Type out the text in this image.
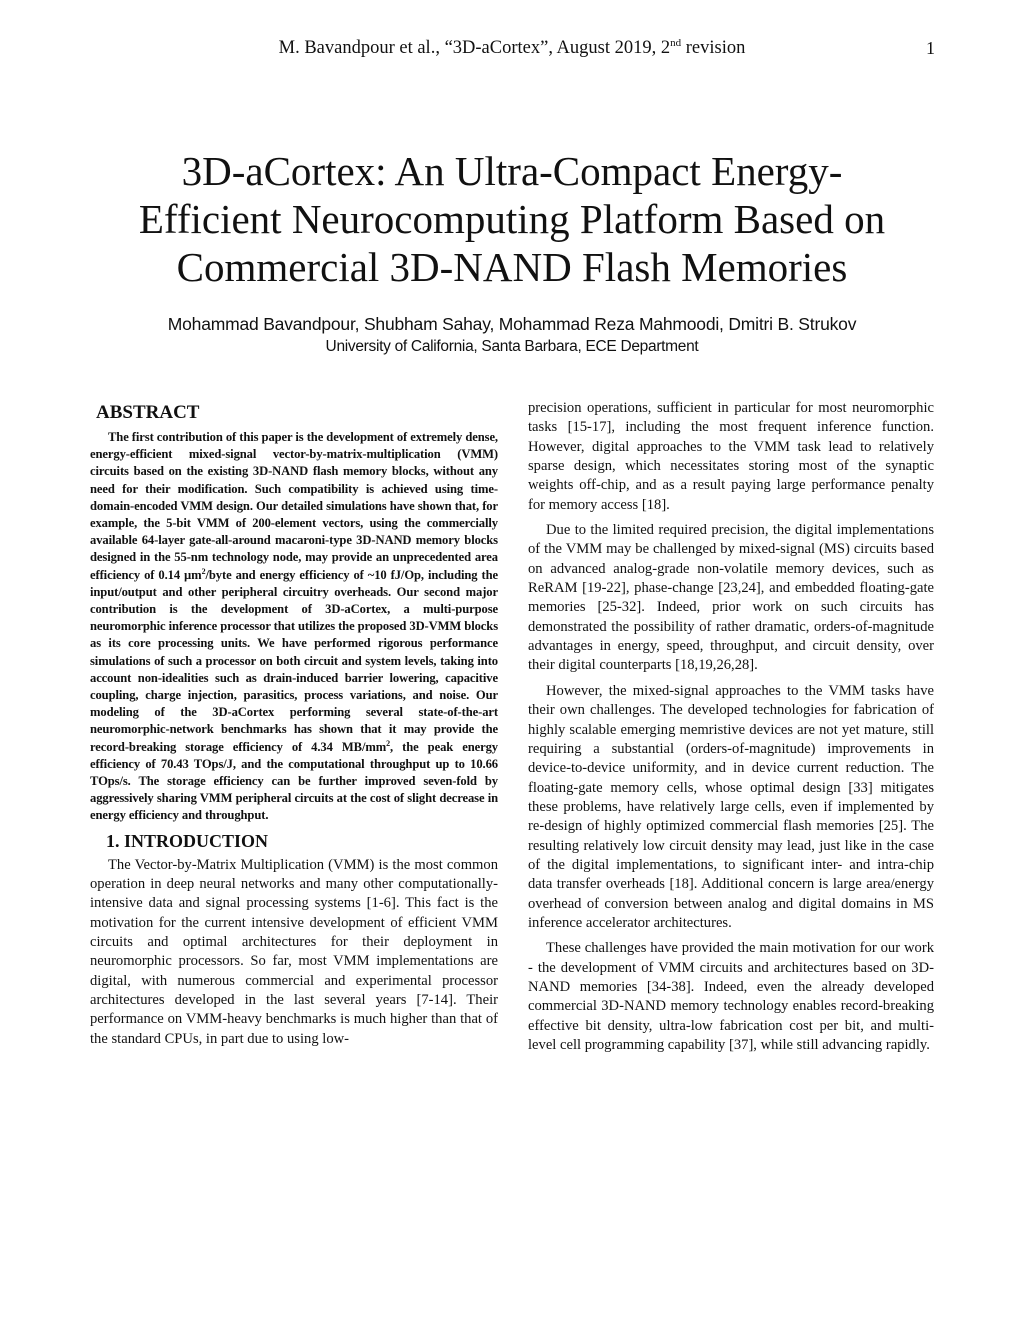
M. Bavandpour et al., “3D-aCortex”, August 2019, 2nd revision	1
3D-aCortex: An Ultra-Compact Energy-
Efficient Neurocomputing Platform Based on
Commercial 3D-NAND Flash Memories
Mohammad Bavandpour, Shubham Sahay, Mohammad Reza Mahmoodi, Dmitri B. Strukov
University of California, Santa Barbara, ECE Department
ABSTRACT

The first contribution of this paper is the development of extremely dense, energy-efficient mixed-signal vector-by-matrix-multiplication (VMM) circuits based on the existing 3D-NAND flash memory blocks, without any need for their modification. Such compatibility is achieved using time-domain-encoded VMM design. Our detailed simulations have shown that, for example, the 5-bit VMM of 200-element vectors, using the commercially available 64-layer gate-all-around macaroni-type 3D-NAND memory blocks designed in the 55-nm technology node, may provide an unprecedented area efficiency of 0.14 µm$^2$/byte and energy efficiency of ~10 fJ/Op, including the input/output and other peripheral circuitry overheads. Our second major contribution is the development of 3D-aCortex, a multi-purpose neuromorphic inference processor that utilizes the proposed 3D-VMM blocks as its core processing units. We have performed rigorous performance simulations of such a processor on both circuit and system levels, taking into account non-idealities such as drain-induced barrier lowering, capacitive coupling, charge injection, parasitics, process variations, and noise. Our modeling of the 3D-aCortex performing several state-of-the-art neuromorphic-network benchmarks has shown that it may provide the record-breaking storage efficiency of 4.34 $MB/mm^2$, the peak energy efficiency of 70.43 TOps/J, and the computational throughput up to 10.66 TOps/s. The storage efficiency can be further improved seven-fold by aggressively sharing VMM peripheral circuits at the cost of slight decrease in energy efficiency and throughput.

1. INTRODUCTION

The Vector-by-Matrix Multiplication (VMM) is the most common operation in deep neural networks and many other computationally-intensive data and signal processing systems [1-6]. This fact is the motivation for the current intensive development of efficient VMM circuits and optimal architectures for their deployment in neuromorphic processors. So far, most VMM implementations are digital, with numerous commercial and experimental processor architectures developed in the last several years [7-14]. Their performance on VMM-heavy benchmarks is much higher than that of the standard CPUs, in part due to using low-

precision operations, sufficient in particular for most neuromorphic tasks [15-17], including the most frequent inference function. However, digital approaches to the VMM task lead to relatively sparse design, which necessitates storing most of the synaptic weights off-chip, and as a result paying large performance penalty for memory access [18].

Due to the limited required precision, the digital implementations of the VMM may be challenged by mixed-signal (MS) circuits based on advanced analog-grade non-volatile memory devices, such as ReRAM [19-22], phase-change [23,24], and embedded floating-gate memories [25-32]. Indeed, prior work on such circuits has demonstrated the possibility of rather dramatic, orders-of-magnitude advantages in energy, speed, throughput, and circuit density, over their digital counterparts [18,19,26,28].

However, the mixed-signal approaches to the VMM tasks have their own challenges. The developed technologies for fabrication of highly scalable emerging memristive devices are not yet mature, still requiring a substantial (orders-of-magnitude) improvements in device-to-device uniformity, and in device current reduction. The floating-gate memory cells, whose optimal design [33] mitigates these problems, have relatively large cells, even if implemented by re-design of highly optimized commercial flash memories [25]. The resulting relatively low circuit density may lead, just like in the case of the digital implementations, to significant inter- and intra-chip data transfer overheads [18]. Additional concern is large area/energy overhead of conversion between analog and digital domains in MS inference accelerator architectures.

These challenges have provided the main motivation for our work - the development of VMM circuits and architectures based on 3D-NAND memories [34-38]. Indeed, even the already developed commercial 3D-NAND memory technology enables record-breaking effective bit density, ultra-low fabrication cost per bit, and multi-level cell programming capability [37], while still advancing rapidly.
